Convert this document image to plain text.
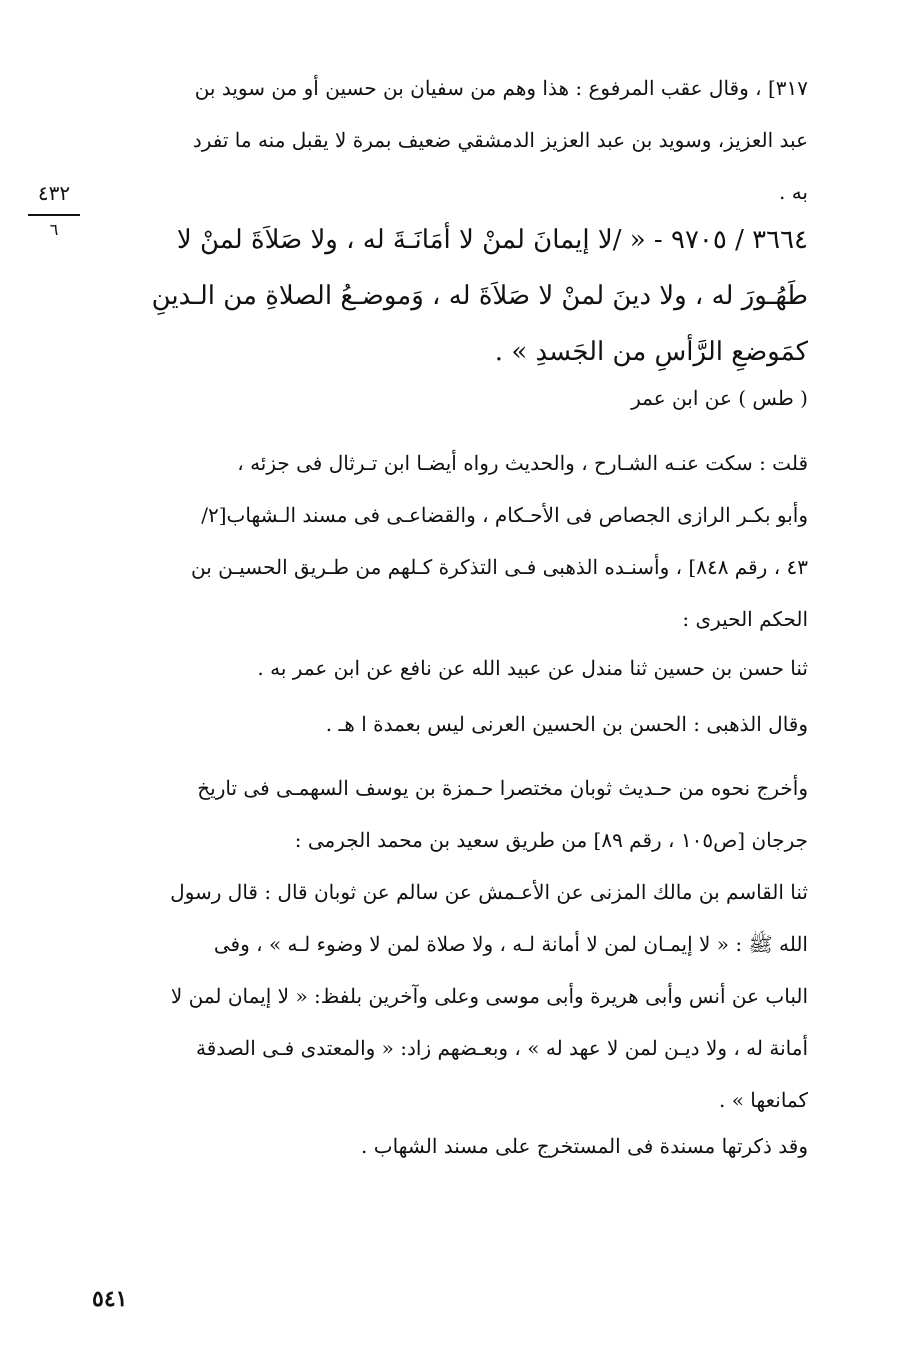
٤٣٢
٦
٣١٧] ، وقال عقب المرفوع : هذا وهم من سفيان بن حسين أو من سويد بن
عبد العزيز، وسويد بن عبد العزيز الدمشقي ضعيف بمرة لا يقبل منه ما تفرد
به .
٣٦٦٤ / ٩٧٠٥ - « /لا إيمانَ لمنْ لا أمَانَـةَ له ، ولا صَلاَةَ لمنْ لا
طَهُـورَ له ، ولا دينَ لمنْ لا صَلاَةَ له ، وَموضـعُ الصلاةِ من الـدينِ
كمَوضعِ الرَّأسِ من الجَسدِ » .
( طس ) عن ابن عمر
قلت : سكت عنـه الشـارح ، والحديث رواه أيضـا ابن تـرثال فى جزئه ،
وأبو بكـر الرازى الجصاص فى الأحـكام ، والقضاعـى فى مسند الـشهاب[٢/
٤٣ ، رقم ٨٤٨] ، وأسنـده الذهبى فـى التذكرة كـلهم من طـريق الحسيـن بن
الحكم الحيرى :
ثنا حسن بن حسين ثنا مندل عن عبيد الله عن نافع عن ابن عمر به .
وقال الذهبى : الحسن بن الحسين العرنى ليس بعمدة ا هـ .
وأخرج نحوه من حـديث ثوبان مختصرا حـمزة بن يوسف السهمـى فى تاريخ
جرجان [ص١٠٥ ، رقم ٨٩] من طريق سعيد بن محمد الجرمى :
ثنا القاسم بن مالك المزنى عن الأعـمش عن سالم عن ثوبان قال : قال رسول
الله ﷺ : « لا إيمـان لمن لا أمانة لـه ، ولا صلاة لمن لا وضوء لـه » ، وفى
الباب عن أنس وأبى هريرة وأبى موسى وعلى وآخرين بلفظ: « لا إيمان لمن لا
أمانة له ، ولا ديـن لمن لا عهد له » ، وبعـضهم زاد: « والمعتدى فـى الصدقة
كمانعها » .
وقد ذكرتها مسندة فى المستخرج على مسند الشهاب .
٥٤١
